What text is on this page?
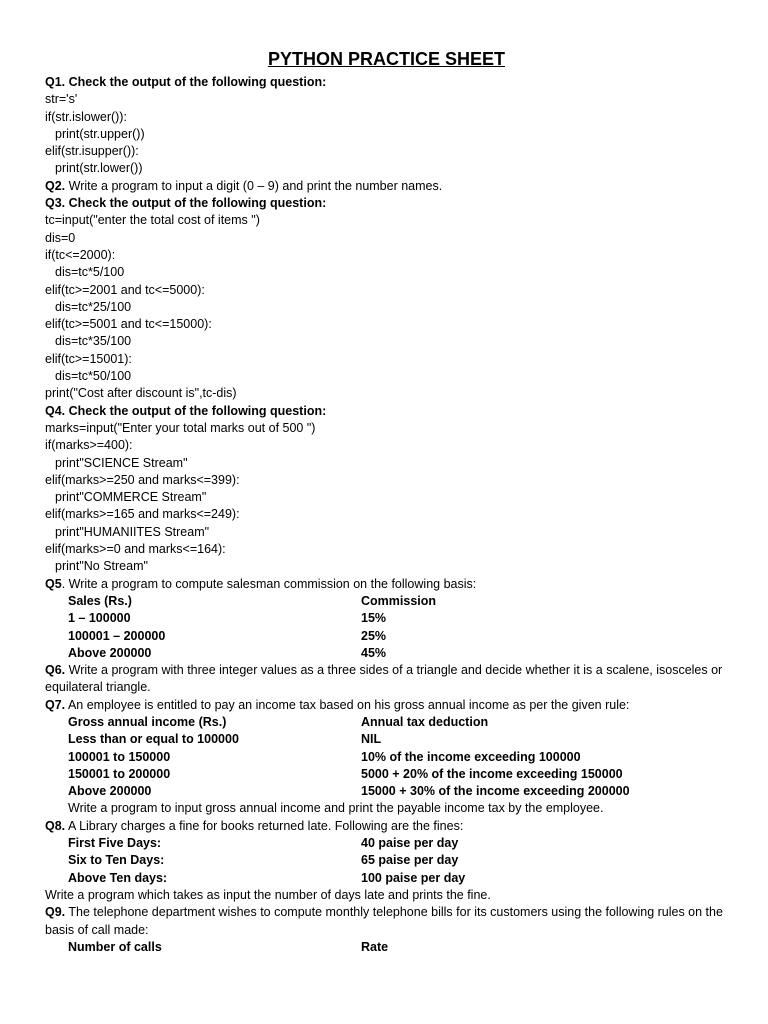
PYTHON PRACTICE SHEET
Q1. Check the output of the following question:
str='s'
if(str.islower()):
print(str.upper())
elif(str.isupper()):
print(str.lower())
Q2. Write a program to input a digit (0 – 9) and print the number names.
Q3. Check the output of the following question:
tc=input("enter the total cost of items ")
dis=0
if(tc<=2000):
dis=tc*5/100
elif(tc>=2001 and tc<=5000):
dis=tc*25/100
elif(tc>=5001 and tc<=15000):
dis=tc*35/100
elif(tc>=15001):
dis=tc*50/100
print("Cost after discount is",tc-dis)
Q4. Check the output of the following question:
marks=input("Enter your total marks out of 500 ")
if(marks>=400):
print"SCIENCE Stream"
elif(marks>=250 and marks<=399):
print"COMMERCE Stream"
elif(marks>=165 and marks<=249):
print"HUMANIITES Stream"
elif(marks>=0 and marks<=164):
print"No Stream"
Q5. Write a program to compute salesman commission on the following basis:
Sales (Rs.)	Commission
1 – 100000	15%
100001 – 200000	25%
Above 200000	45%
Q6. Write a program with three integer values as a three sides of a triangle and decide whether it is a scalene, isosceles or equilateral triangle.
Q7. An employee is entitled to pay an income tax based on his gross annual income as per the given rule:
Gross annual income (Rs.)	Annual tax deduction
Less than or equal to 100000	NIL
100001 to 150000	10% of the income exceeding 100000
150001 to 200000	5000 + 20% of the income exceeding 150000
Above 200000	15000 + 30% of the income exceeding 200000
Write a program to input gross annual income and print the payable income tax by the employee.
Q8. A Library charges a fine for books returned late. Following are the fines:
First Five Days:	40 paise per day
Six to Ten Days:	65 paise per day
Above Ten days:	100 paise per day
Write a program which takes as input the number of days late and prints the fine.
Q9. The telephone department wishes to compute monthly telephone bills for its customers using the following rules on the basis of call made:
Number of calls	Rate
